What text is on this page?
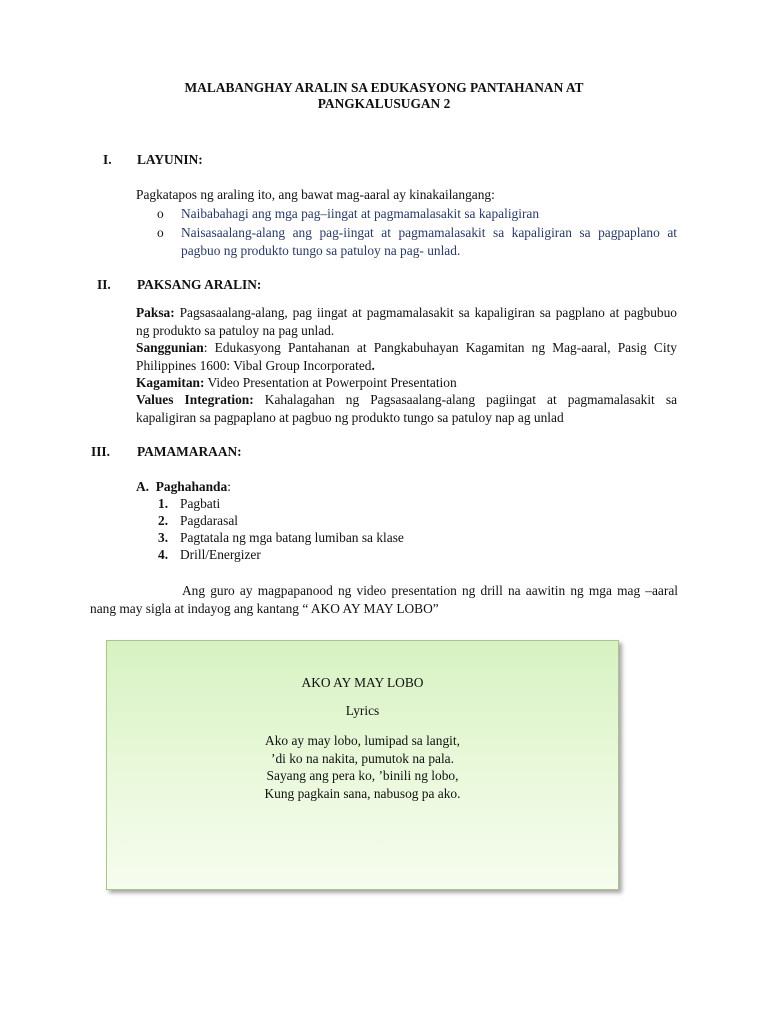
MALABANGHAY ARALIN SA EDUKASYONG PANTAHANAN AT
PANGKALUSUGAN 2
I. LAYUNIN:
Pagkatapos ng araling ito, ang bawat mag-aaral ay kinakailangang:
o Naibabahagi ang mga pag–iingat at pagmamalasakit sa kapaligiran
o Naisasaalang-alang ang pag-iingat at pagmamalasakit sa kapaligiran sa pagpaplano at pagbuo ng produkto tungo sa patuloy na pag- unlad.
II. PAKSANG ARALIN:
Paksa: Pagsasaalang-alang, pag iingat at pagmamalasakit sa kapaligiran sa pagplano at pagbubuo ng produkto sa patuloy na pag unlad.
Sanggunian: Edukasyong Pantahanan at Pangkabuhayan Kagamitan ng Mag-aaral, Pasig City Philippines 1600: Vibal Group Incorporated.
Kagamitan: Video Presentation at Powerpoint Presentation
Values Integration: Kahalagahan ng Pagsasaalang-alang pagiingat at pagmamalasakit sa kapaligiran sa pagpaplano at pagbuo ng produkto tungo sa patuloy nap ag unlad
III. PAMAMARAAN:
A. Paghahanda:
1. Pagbati
2. Pagdarasal
3. Pagtatala ng mga batang lumiban sa klase
4. Drill/Energizer
Ang guro ay magpapanood ng video presentation ng drill na aawitin ng mga mag –aaral nang may sigla at indayog ang kantang “ AKO AY MAY LOBO”
AKO AY MAY LOBO
Lyrics
Ako ay may lobo, lumipad sa langit,
’di ko na nakita, pumutok na pala.
Sayang ang pera ko, ’binili ng lobo,
Kung pagkain sana, nabusog pa ako.
